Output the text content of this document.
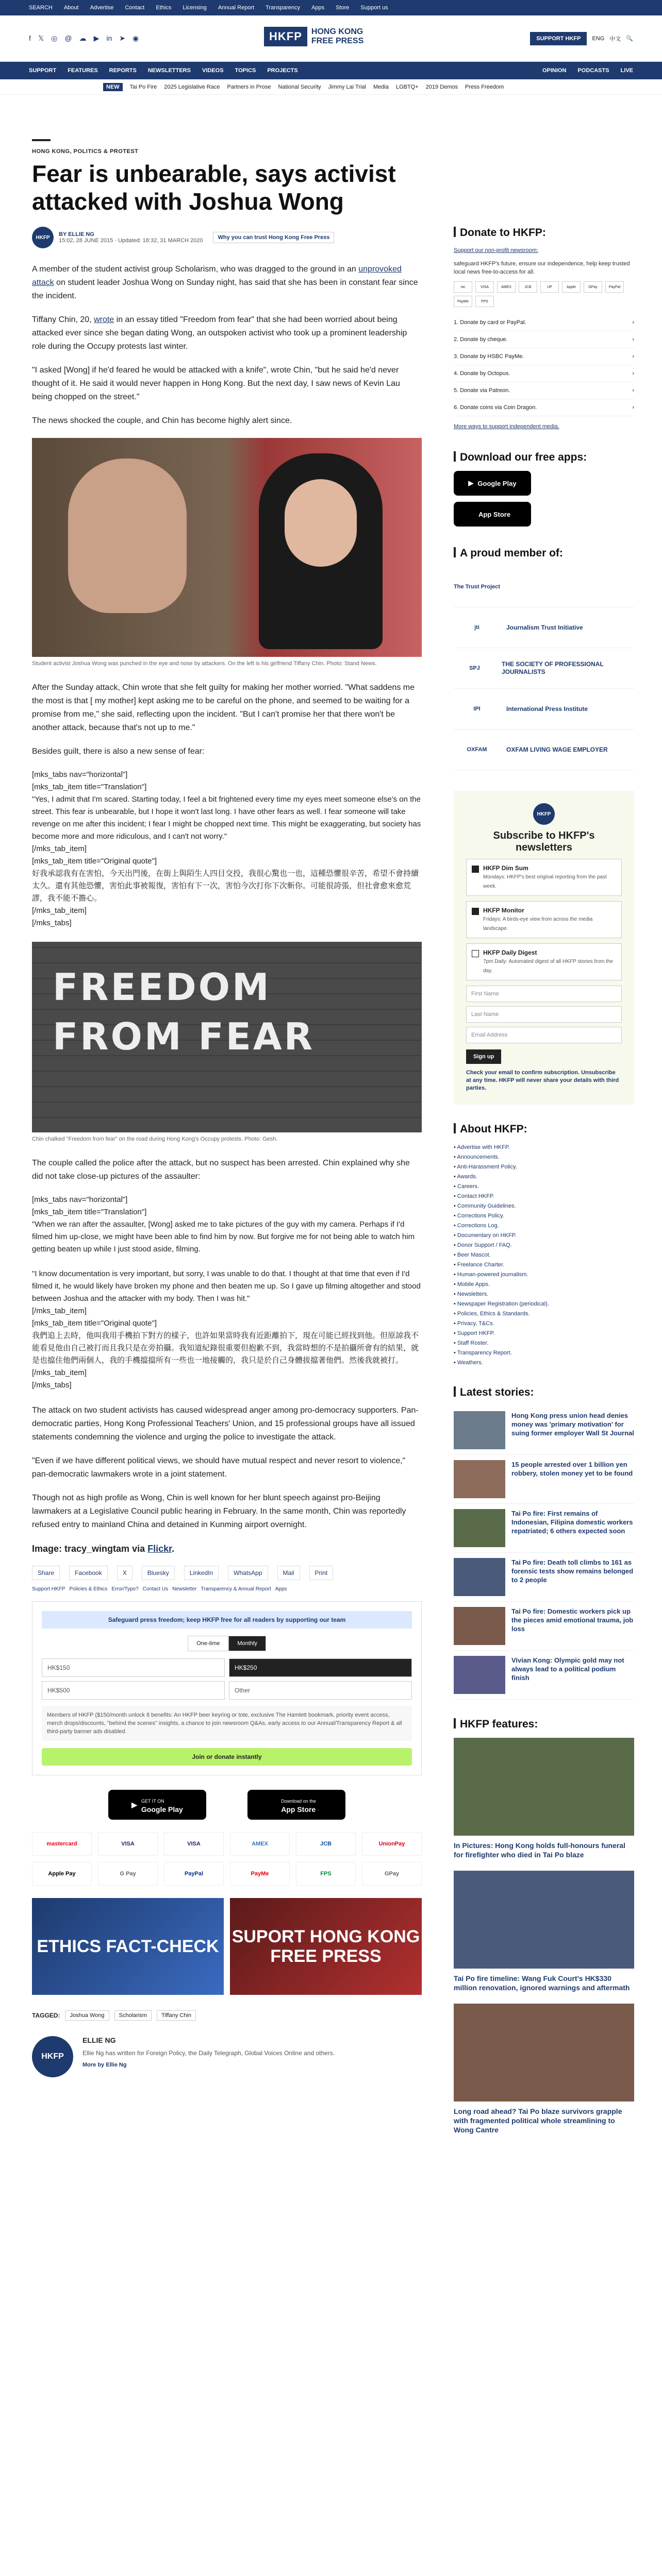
SEARCH About Advertise Contact Ethics Licensing Annual Report Transparency Apps Store Support us
f 𝕏 ◎ @ ☁ ▶ in ➤ ◉	HKFP	HONG KONG
FREE PRESS	SUPPORT HKFP	ENG 中文 🔍
SUPPORT FEATURES REPORTS NEWSLETTERS VIDEOS TOPICS PROJECTS	OPINION PODCASTS LIVE
NEW	Tai Po Fire 2025 Legislative Race Partners in Prose National Security Jimmy Lai Trial Media LGBTQ+ 2019 Demos Press Freedom
HONG KONG, POLITICS & PROTEST
Fear is unbearable, says activist attacked with Joshua Wong
HKFP	BY ELLIE NG
15:02, 28 JUNE 2015 · Updated: 18:32, 31 MARCH 2020	Why you can trust Hong Kong Free Press

A member of the student activist group Scholarism, who was dragged to the ground in an unprovoked attack on student leader Joshua Wong on Sunday night, has said that she has been in constant fear since the incident.

Tiffany Chin, 20, wrote in an essay titled "Freedom from fear" that she had been worried about being attacked ever since she began dating Wong, an outspoken activist who took up a prominent leadership role during the Occupy protests last winter.

"I asked [Wong] if he'd feared he would be attacked with a knife", wrote Chin, "but he said he'd never thought of it. He said it would never happen in Hong Kong. But the next day, I saw news of Kevin Lau being chopped on the street."

The news shocked the couple, and Chin has become highly alert since.

Student activist Joshua Wong was punched in the eye and nose by attackers. On the left is his girlfriend Tiffany Chin. Photo: Stand News.

After the Sunday attack, Chin wrote that she felt guilty for making her mother worried. "What saddens me the most is that [ my mother] kept asking me to be careful on the phone, and seemed to be waiting for a promise from me," she said, reflecting upon the incident. "But I can't promise her that there won't be another attack, because that's not up to me."

Besides guilt, there is also a new sense of fear:

[mks_tabs nav="horizontal"]
[mks_tab_item title="Translation"]
"Yes, I admit that I'm scared. Starting today, I feel a bit frightened every time my eyes meet someone else's on the street. This fear is unbearable, but I hope it won't last long. I have other fears as well. I fear someone will take revenge on me after this incident; I fear I might be chopped next time. This might be exaggerating, but society has become more and more ridiculous, and I can't not worry."
[/mks_tab_item]
[mks_tab_item title="Original quote"]
好我承認我有在害怕，今天出門後，在街上與陌生人四目交投，我很心驚也一也，這種恐懼很辛苦，希望不會持續太久。還有其他恐懼，害怕此事被報復，害怕有下一次，害怕今次打你下次斬你。可能很誇張，但社會愈來愈荒謬，我不能不擔心。
[/mks_tab_item]
[/mks_tabs]
FREEDOM FROM FEAR
Chin chalked "Freedom from fear" on the road during Hong Kong's Occupy protests. Photo: Gesh.

The couple called the police after the attack, but no suspect has been arrested. Chin explained why she did not take close-up pictures of the assaulter:

[mks_tabs nav="horizontal"]
[mks_tab_item title="Translation"]
"When we ran after the assaulter, [Wong] asked me to take pictures of the guy with my camera. Perhaps if I'd filmed him up-close, we might have been able to find him by now. But forgive me for not being able to watch him getting beaten up while I just stood aside, filming.
"I know documentation is very important, but sorry, I was unable to do that. I thought at that time that even if I'd filmed it, he would likely have broken my phone and then beaten me up. So I gave up filming altogether and stood between Joshua and the attacker with my body. Then I was hit."
[/mks_tab_item]
[mks_tab_item title="Original quote"]
我們追上去時，他叫我用手機拍下對方的樣子，也許如果當時我有近距離拍下，現在可能已經找到他。但原諒我不能看見他由自己被打而且我只是在旁拍攝。我知道紀錄很重要但抱歉不到，我當時想的不是拍攝所會有的結果，就是也擋住他們兩個人，我的手機擋擋所有一些也一地接觸的，我只是於自己身體拔擋著他們。然後我就被打。
[/mks_tab_item]
[/mks_tabs]

The attack on two student activists has caused widespread anger among pro-democracy supporters. Pan-democratic parties, Hong Kong Professional Teachers' Union, and 15 professional groups have all issued statements condemning the violence and urging the police to investigate the attack.

"Even if we have different political views, we should have mutual respect and never resort to violence," pan-democratic lawmakers wrote in a joint statement.

Though not as high profile as Wong, Chin is well known for her blunt speech against pro-Beijing lawmakers at a Legislative Council public hearing in February. In the same month, Chin was reportedly refused entry to mainland China and detained in Kunming airport overnight.

Image: tracy_wingtam via Flickr.

Share	Facebook	X	Bluesky	LinkedIn	WhatsApp	Mail	Print
Support HKFP Policies & Ethics Error/Typo? Contact Us Newsletter Transparency & Annual Report Apps
Safeguard press freedom; keep HKFP free for all readers by supporting our team
One-time	Monthly
HK$150	HK$250
HK$500	Other
Members of HKFP ($150/month unlock 8 benefits: An HKFP beer keyring or tote, exclusive The Hamlett bookmark, priority event access, merch drops/discounts, "behind the scenes" insights, a chance to join newsroom Q&As, early access to our Annual/Transparency Report & all third-party banner ads disabled.
Join or donate instantly
▶ GET IT ON
Google Play
Download on the
App Store
mastercard	VISA	VISA	AMEX	JCB	UnionPay
Apple Pay	G Pay	PayPal	PayMe	FPS	GPay
ETHICS FACT-CHECK SUPORT HONG KONG FREE PRESS
TAGGED:	Joshua Wong	Scholarism	Tiffany Chin
HKFP
ELLIE NG
Ellie Ng has written for Foreign Policy, the Daily Telegraph, Global Voices Online and others.
More by Ellie Ng
Donate to HKFP:
Support our non-profit newsroom:
safeguard HKFP's future, ensure our independence, help keep trusted local news free-to-access for all.
mc	VISA	AMEX	JCB	UP	Apple	GPay	PayPal
PayMe	FPS
1. Donate by card or PayPal.	›
2. Donate by cheque.	›
3. Donate by HSBC PayMe.	›
4. Donate by Octopus.	›
5. Donate via Patreon.	›
6. Donate coins via Coin Dragon.	›
More ways to support independent media.
Download our free apps:
▶ Google Play
App Store
A proud member of:
The Trust Project
jti	Journalism Trust Initiative
SPJ
THE SOCIETY OF PROFESSIONAL JOURNALISTS
IPI	International Press Institute
OXFAM	OXFAM LIVING WAGE EMPLOYER
HKFP
Subscribe to HKFP's newsletters
HKFP Dim Sum
Mondays: HKFP's best original reporting from the past week.
HKFP Monitor
Fridays: A birds-eye view from across the media landscape.
HKFP Daily Digest
7pm Daily: Automated digest of all HKFP stories from the day.
First Name
Last Name
Email Address
Sign up
Check your email to confirm subscription. Unsubscribe at any time. HKFP will never share your details with third parties.
About HKFP:
• Advertise with HKFP.
• Announcements.
• Anti-Harassment Policy.
• Awards.
• Careers.
• Contact HKFP.
• Community Guidelines.
• Corrections Policy.
• Corrections Log.
• Documentary on HKFP.
• Donor Support / FAQ.
• Beer Mascot.
• Freelance Charter.
• Human-powered journalism.
• Mobile Apps.
• Newsletters.
• Newspaper Registration (periodical).
• Policies, Ethics & Standards.
• Privacy, T&Cs.
• Support HKFP.
• Staff Roster.
• Transparency Report.
• Weathers.
Latest stories:
Hong Kong press union head denies money was 'primary motivation' for suing former employer Wall St Journal
15 people arrested over 1 billion yen robbery, stolen money yet to be found
Tai Po fire: First remains of Indonesian, Filipina domestic workers repatriated; 6 others expected soon
Tai Po fire: Death toll climbs to 161 as forensic tests show remains belonged to 2 people
Tai Po fire: Domestic workers pick up the pieces amid emotional trauma, job loss
Vivian Kong: Olympic gold may not always lead to a political podium finish
HKFP features:
In Pictures: Hong Kong holds full-honours funeral for firefighter who died in Tai Po blaze
Tai Po fire timeline: Wang Fuk Court's HK$330 million renovation, ignored warnings and aftermath
Long road ahead? Tai Po blaze survivors grapple with fragmented political whole streamlining to Wong Cantre
